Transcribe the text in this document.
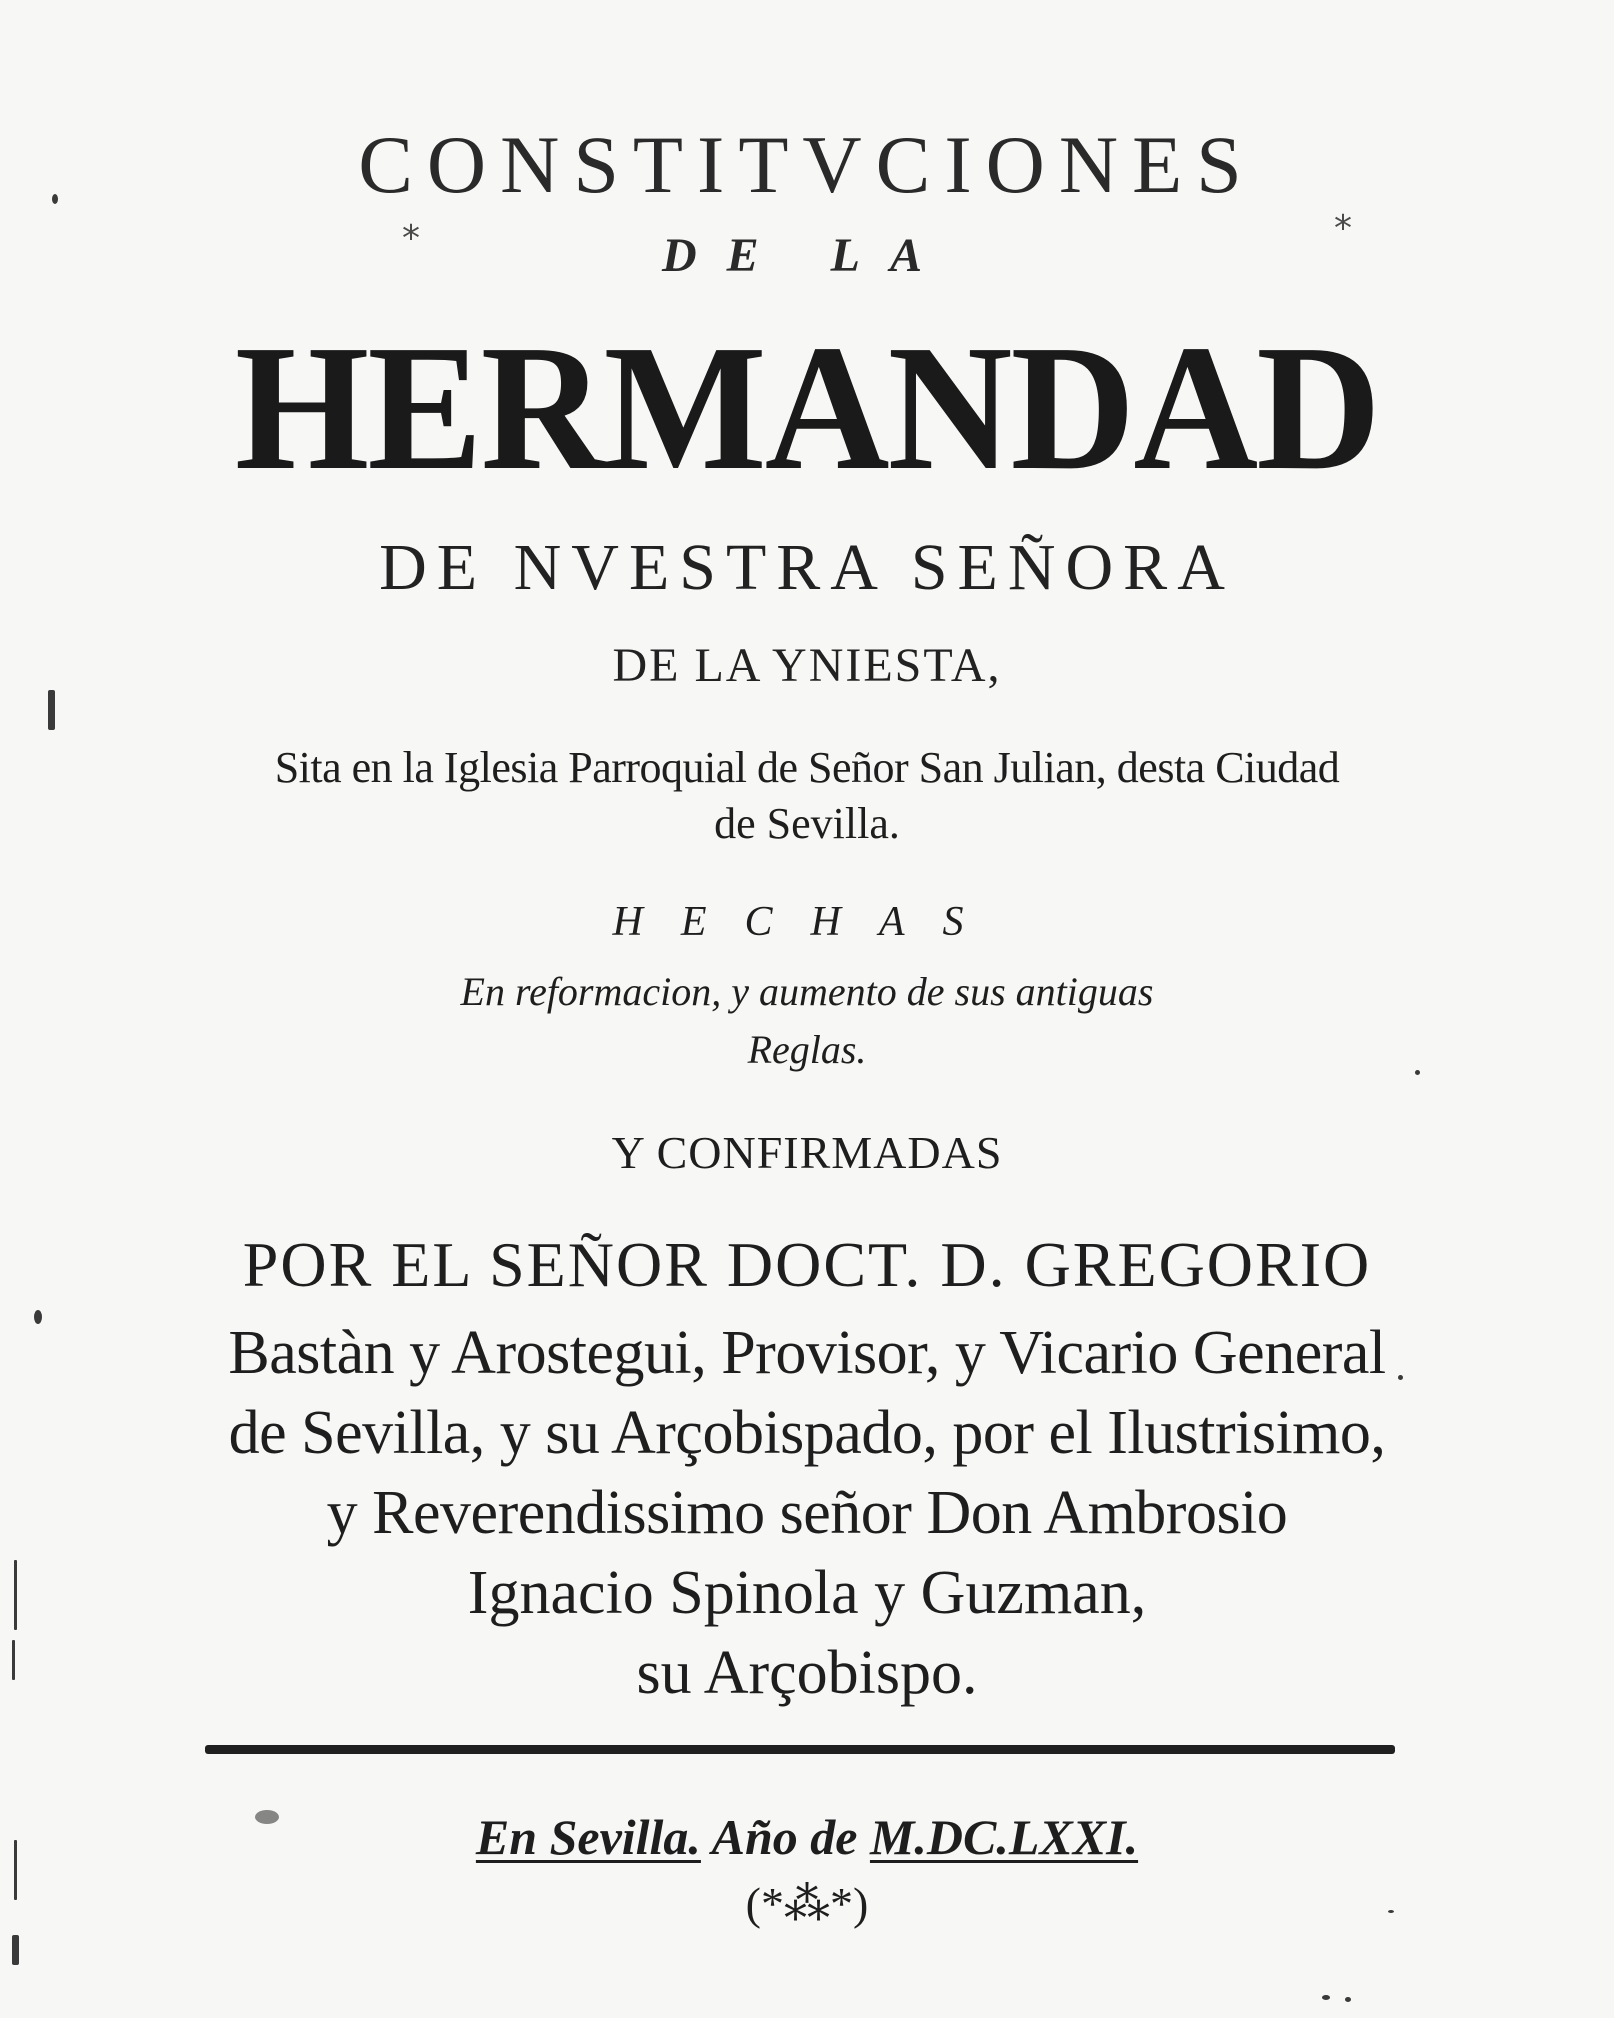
*	*
CONSTITVCIONES
DE LA
HERMANDAD
DE NVESTRA SEÑORA
DE LA YNIESTA,
Sita en la Iglesia Parroquial de Señor San Julian, desta Ciudad
de Sevilla.
HECHAS
En reformacion, y aumento de sus antiguas
Reglas.
Y CONFIRMADAS
POR EL SEÑOR DOCT. D. GREGORIO
Bastàn y Arostegui, Provisor, y Vicario General
de Sevilla, y su Arçobispado, por el Ilustrisimo,
y Reverendissimo señor Don Ambrosio
Ignacio Spinola y Guzman,
su Arçobispo.
En Sevilla. Año de M.DC.LXXI.
(*⁂*)
